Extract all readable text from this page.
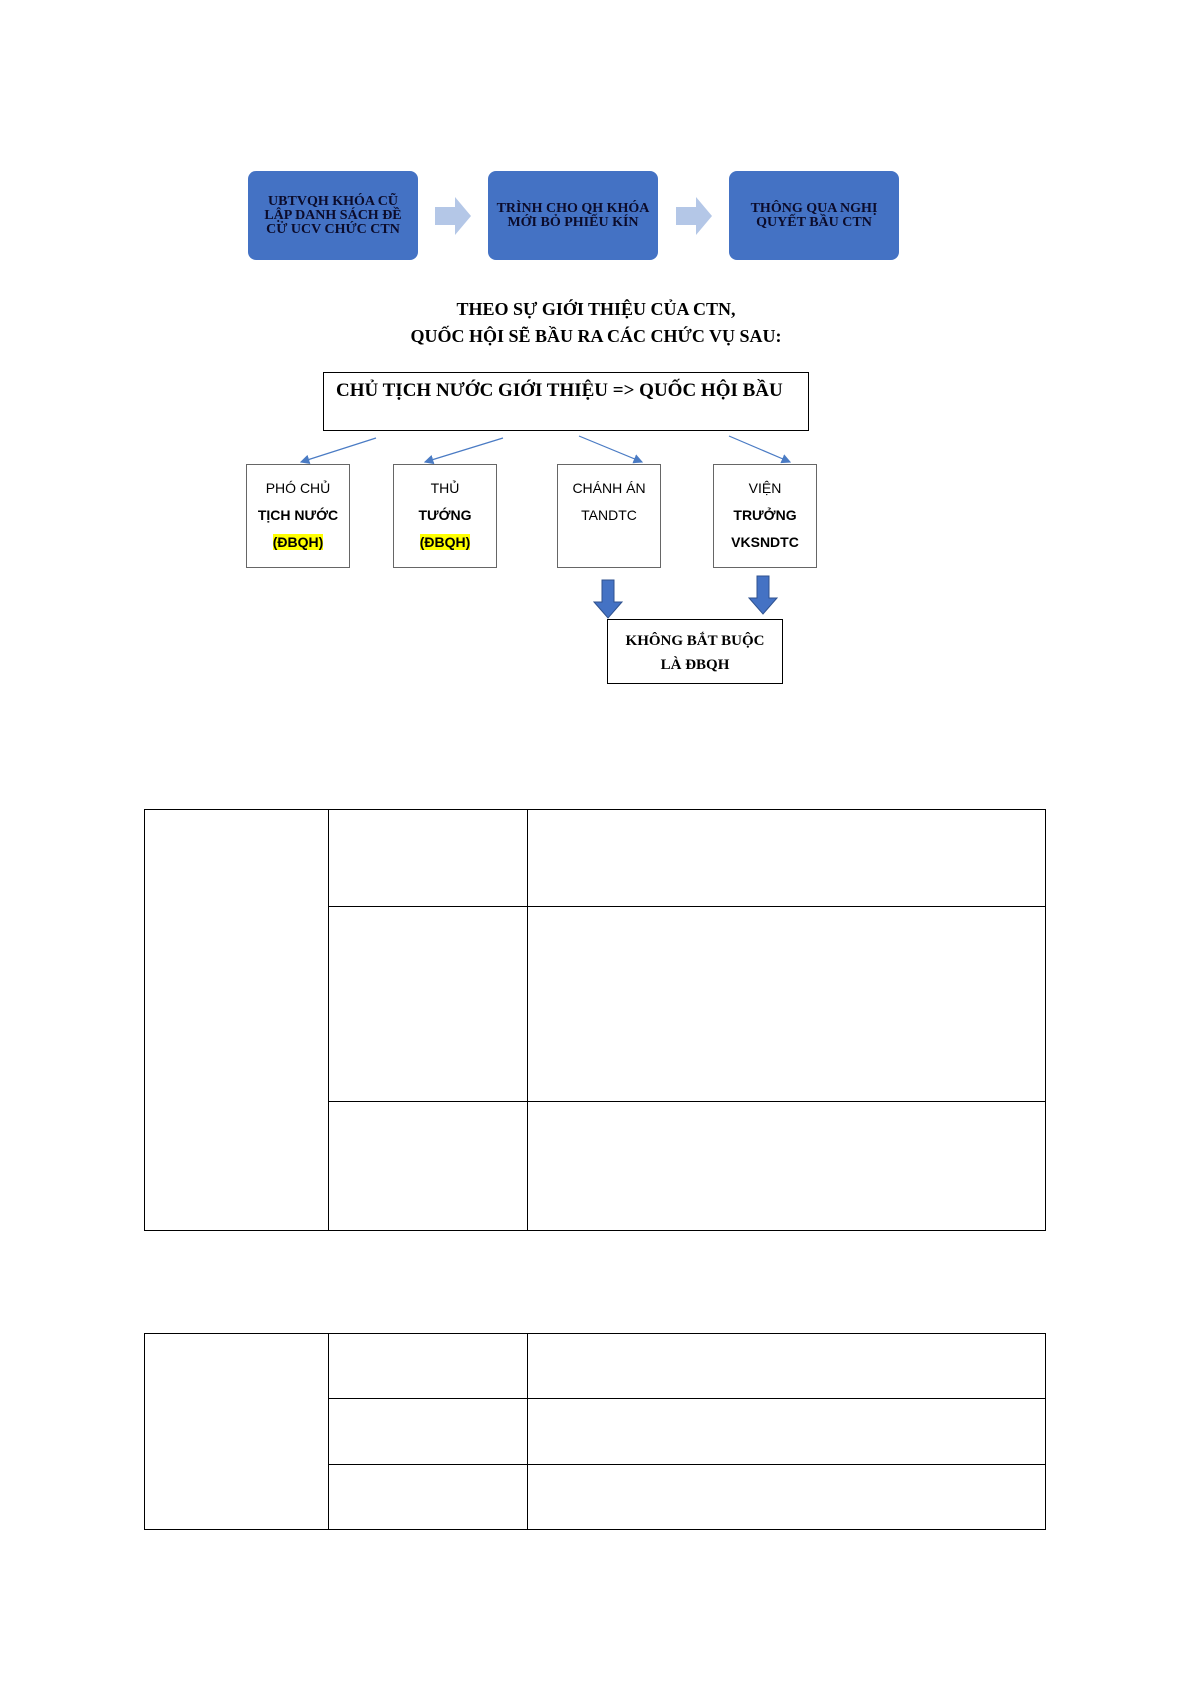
UBTVQH KHÓA CŨ LẬP DANH SÁCH ĐỀ CỬ UCV CHỨC CTN
TRÌNH CHO QH KHÓA MỚI BỎ PHIẾU KÍN
THÔNG QUA NGHỊ QUYẾT BẦU CTN
THEO SỰ GIỚI THIỆU CỦA CTN,
QUỐC HỘI SẼ BẦU RA CÁC CHỨC VỤ SAU:
CHỦ TỊCH NƯỚC GIỚI THIỆU => QUỐC HỘI BẦU
PHÓ CHỦ
TỊCH NƯỚC
(ĐBQH)
THỦ
TƯỚNG
(ĐBQH)
CHÁNH ÁN
TANDTC
VIỆN
TRƯỞNG
VKSNDTC
KHÔNG BẮT BUỘC
LÀ ĐBQH
